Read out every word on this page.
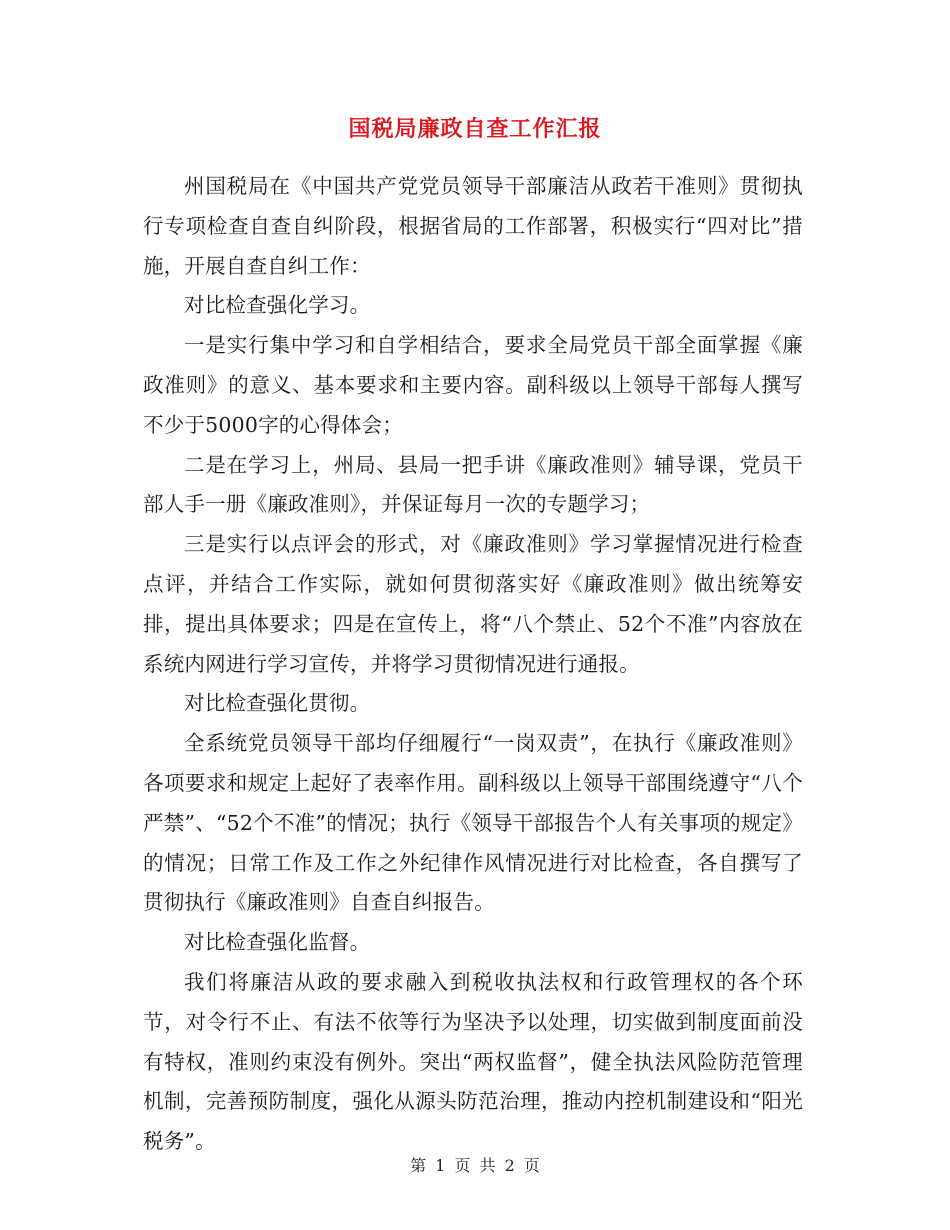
国税局廉政自查工作汇报

州国税局在《中国共产党党员领导干部廉洁从政若干准则》贯彻执行专项检查自查自纠阶段，根据省局的工作部署，积极实行“四对比”措施，开展自查自纠工作：

对比检查强化学习。

一是实行集中学习和自学相结合，要求全局党员干部全面掌握《廉政准则》的意义、基本要求和主要内容。副科级以上领导干部每人撰写不少于5000字的心得体会；

二是在学习上，州局、县局一把手讲《廉政准则》辅导课，党员干部人手一册《廉政准则》，并保证每月一次的专题学习；

三是实行以点评会的形式，对《廉政准则》学习掌握情况进行检查点评，并结合工作实际，就如何贯彻落实好《廉政准则》做出统筹安排，提出具体要求；四是在宣传上，将“八个禁止、52个不准”内容放在系统内网进行学习宣传，并将学习贯彻情况进行通报。

对比检查强化贯彻。

全系统党员领导干部均仔细履行“一岗双责”，在执行《廉政准则》各项要求和规定上起好了表率作用。副科级以上领导干部围绕遵守“八个严禁”、“52个不准”的情况；执行《领导干部报告个人有关事项的规定》的情况；日常工作及工作之外纪律作风情况进行对比检查，各自撰写了贯彻执行《廉政准则》自查自纠报告。

对比检查强化监督。

我们将廉洁从政的要求融入到税收执法权和行政管理权的各个环节，对令行不止、有法不依等行为坚决予以处理，切实做到制度面前没有特权，准则约束没有例外。突出“两权监督”，健全执法风险防范管理机制，完善预防制度，强化从源头防范治理，推动内控机制建设和“阳光税务”。

第 1 页 共 2 页
